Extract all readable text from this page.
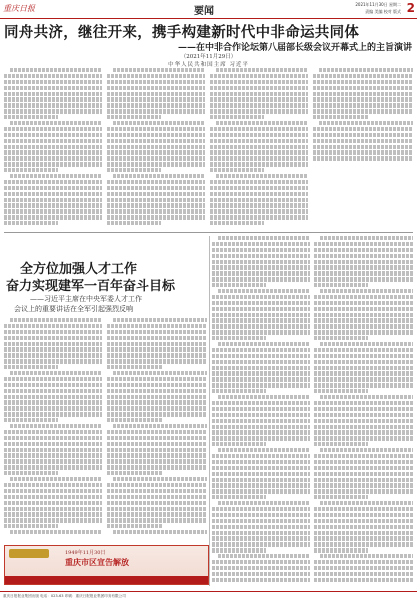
重庆日报	要闻
2021年11月30日 星期二
责编 美编 校对 版式 2
同舟共济，继往开来，携手构建新时代中非命运共同体
——在中非合作论坛第八届部长级会议开幕式上的主旨演讲
（2021年11月29日）
中华人民共和国主席 习近平
全方位加强人才工作
奋力实现建军一百年奋斗目标
——习近平主席在中央军委人才工作
会议上的重要讲话在全军引起强烈反响
1949年11月30日
重庆市区宣告解放
重庆日报报业集团出版 电话：023-63 印刷：重庆日报报业集团印务有限公司
